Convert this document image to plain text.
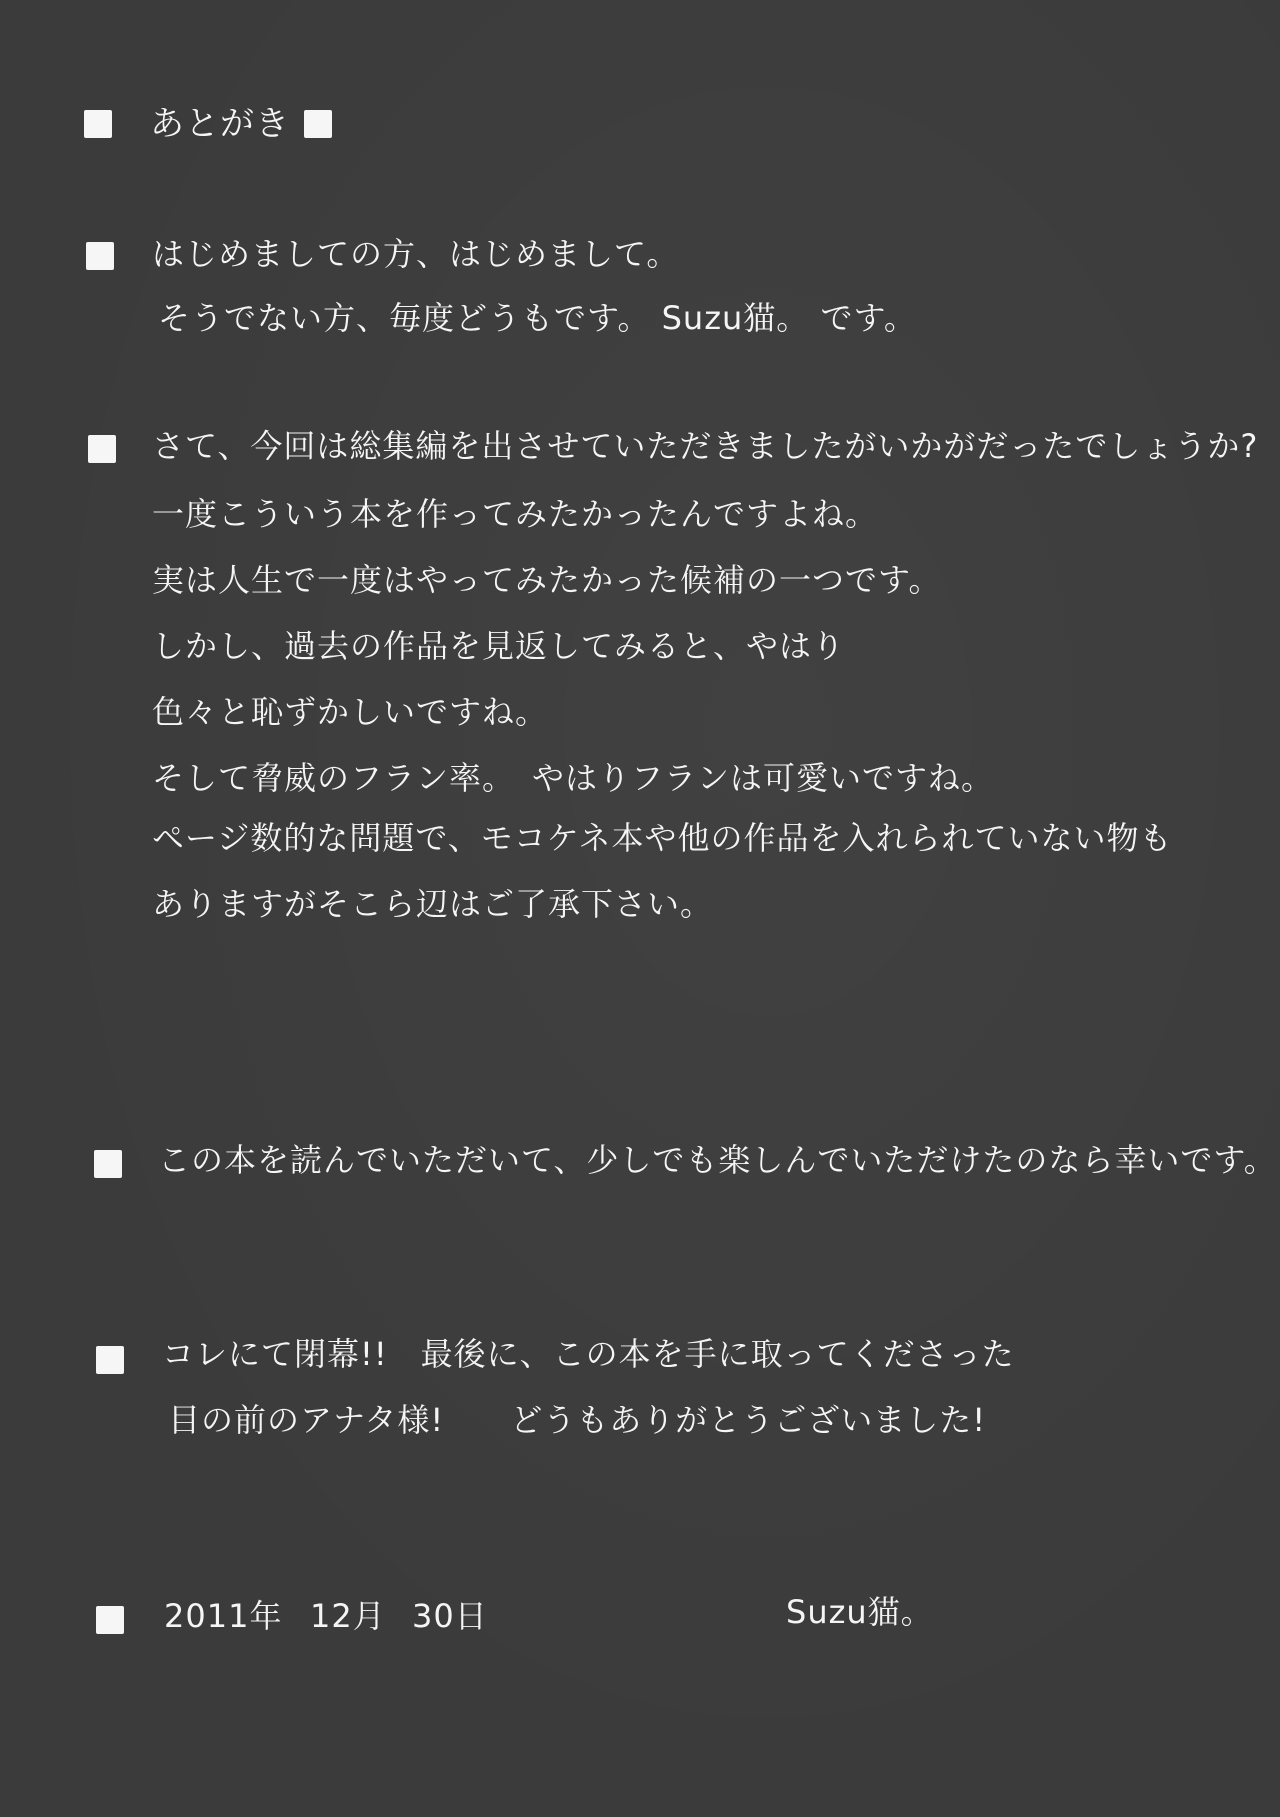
あとがき
はじめましての方、はじめまして。
そうでない方、毎度どうもです。 Suzu猫。 です。
さて、今回は総集編を出させていただきましたがいかがだったでしょうか?
一度こういう本を作ってみたかったんですよね。
実は人生で一度はやってみたかった候補の一つです。
しかし、過去の作品を見返してみると、やはり
色々と恥ずかしいですね。
そして脅威のフラン率。　やはりフランは可愛いですね。
ページ数的な問題で、モコケネ本や他の作品を入れられていない物も
ありますがそこら辺はご了承下さい。
この本を読んでいただいて、少しでも楽しんでいただけたのなら幸いです。
コレにて閉幕!!　最後に、この本を手に取ってくださった
目の前のアナタ様!　　どうもありがとうございました!
2011年 12月 30日	Suzu猫。
